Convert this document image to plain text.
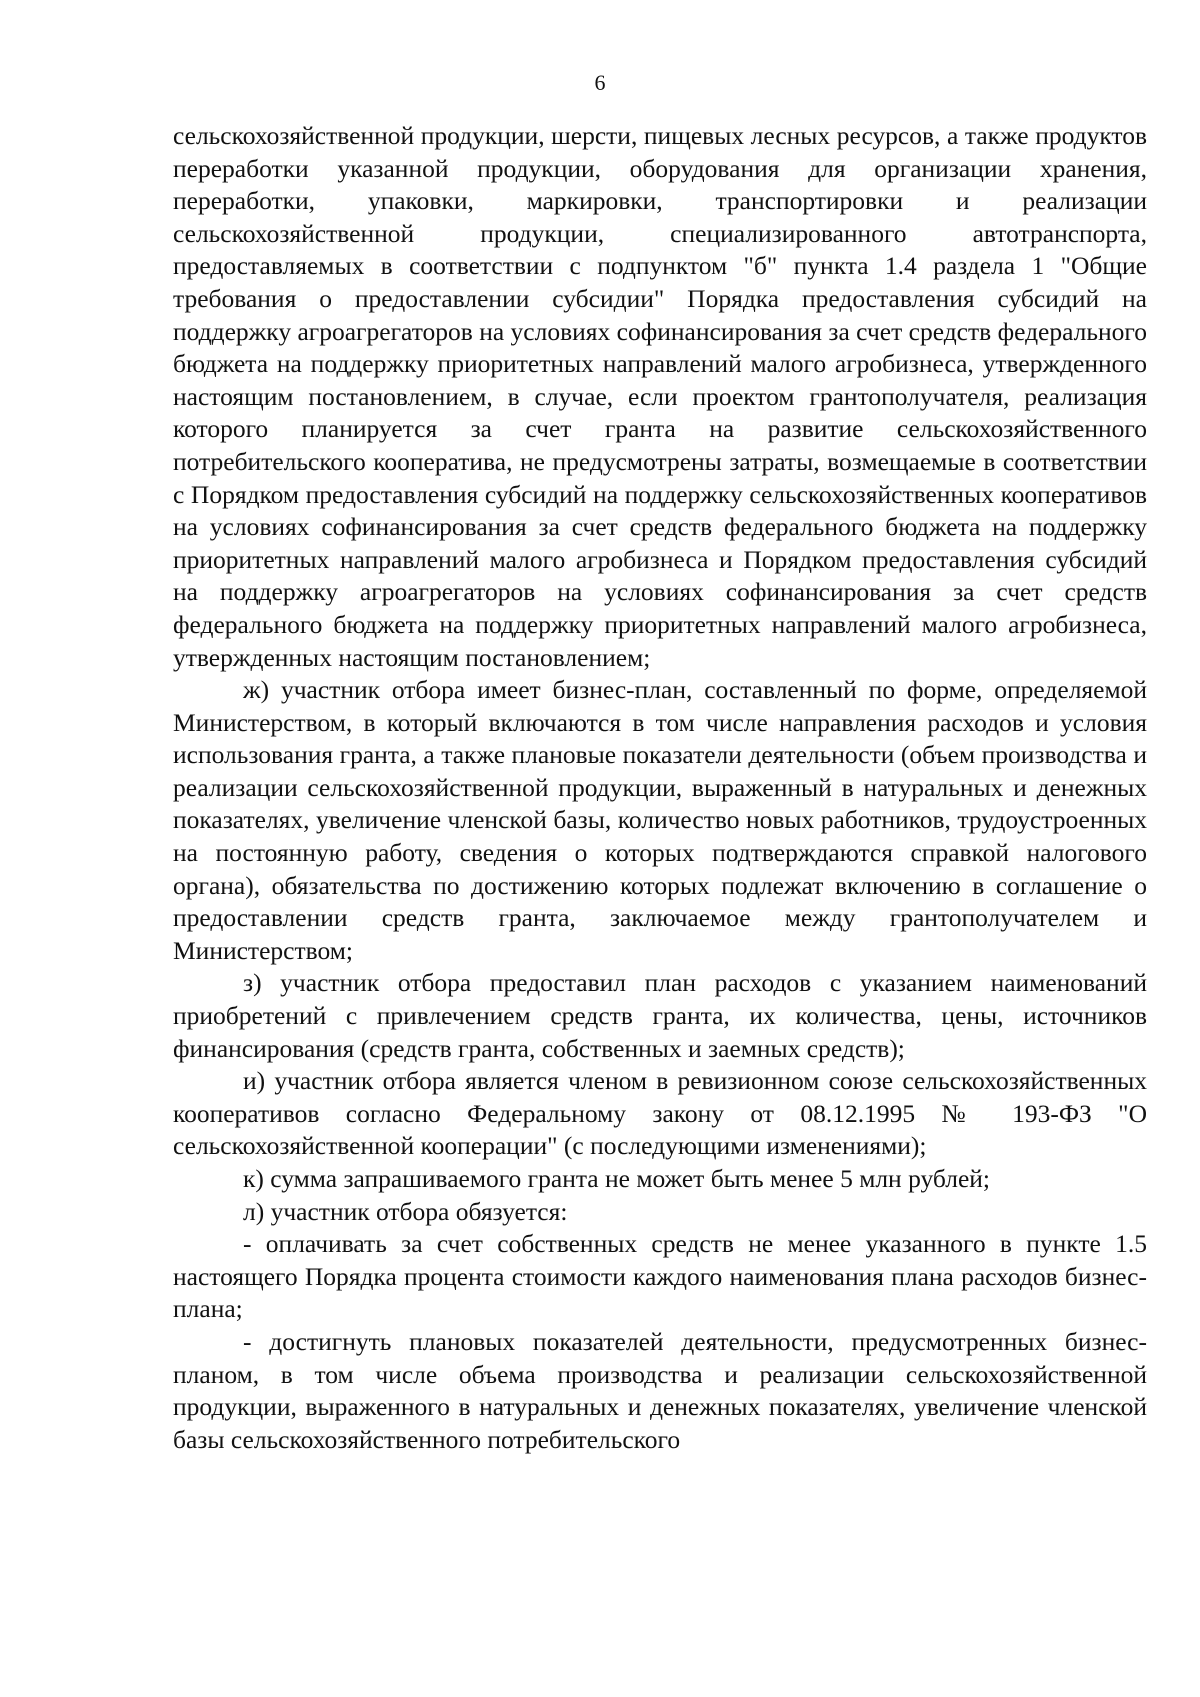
6

сельскохозяйственной продукции, шерсти, пищевых лесных ресурсов, а также продуктов переработки указанной продукции, оборудования для организации хранения, переработки, упаковки, маркировки, транспортировки и реализации сельскохозяйственной продукции, специализированного автотранспорта, предоставляемых в соответствии с подпунктом "б" пункта 1.4 раздела 1 "Общие требования о предоставлении субсидии" Порядка предоставления субсидий на поддержку агроагрегаторов на условиях софинансирования за счет средств федерального бюджета на поддержку приоритетных направлений малого агробизнеса, утвержденного настоящим постановлением, в случае, если проектом грантополучателя, реализация которого планируется за счет гранта на развитие сельскохозяйственного потребительского кооператива, не предусмотрены затраты, возмещаемые в соответствии с Порядком предоставления субсидий на поддержку сельскохозяйственных кооперативов на условиях софинансирования за счет средств федерального бюджета на поддержку приоритетных направлений малого агробизнеса и Порядком предоставления субсидий на поддержку агроагрегаторов на условиях софинансирования за счет средств федерального бюджета на поддержку приоритетных направлений малого агробизнеса, утвержденных настоящим постановлением;

ж) участник отбора имеет бизнес-план, составленный по форме, определяемой Министерством, в который включаются в том числе направления расходов и условия использования гранта, а также плановые показатели деятельности (объем производства и реализации сельскохозяйственной продукции, выраженный в натуральных и денежных показателях, увеличение членской базы, количество новых работников, трудоустроенных на постоянную работу, сведения о которых подтверждаются справкой налогового органа), обязательства по достижению которых подлежат включению в соглашение о предоставлении средств гранта, заключаемое между грантополучателем и Министерством;

з) участник отбора предоставил план расходов с указанием наименований приобретений с привлечением средств гранта, их количества, цены, источников финансирования (средств гранта, собственных и заемных средств);

и) участник отбора является членом в ревизионном союзе сельскохозяйственных кооперативов согласно Федеральному закону от 08.12.1995 № 193-ФЗ "О сельскохозяйственной кооперации" (с последующими изменениями);

к) сумма запрашиваемого гранта не может быть менее 5 млн рублей;

л) участник отбора обязуется:

- оплачивать за счет собственных средств не менее указанного в пункте 1.5 настоящего Порядка процента стоимости каждого наименования плана расходов бизнес-плана;

- достигнуть плановых показателей деятельности, предусмотренных бизнес-планом, в том числе объема производства и реализации сельскохозяйственной продукции, выраженного в натуральных и денежных показателях, увеличение членской базы сельскохозяйственного потребительского
